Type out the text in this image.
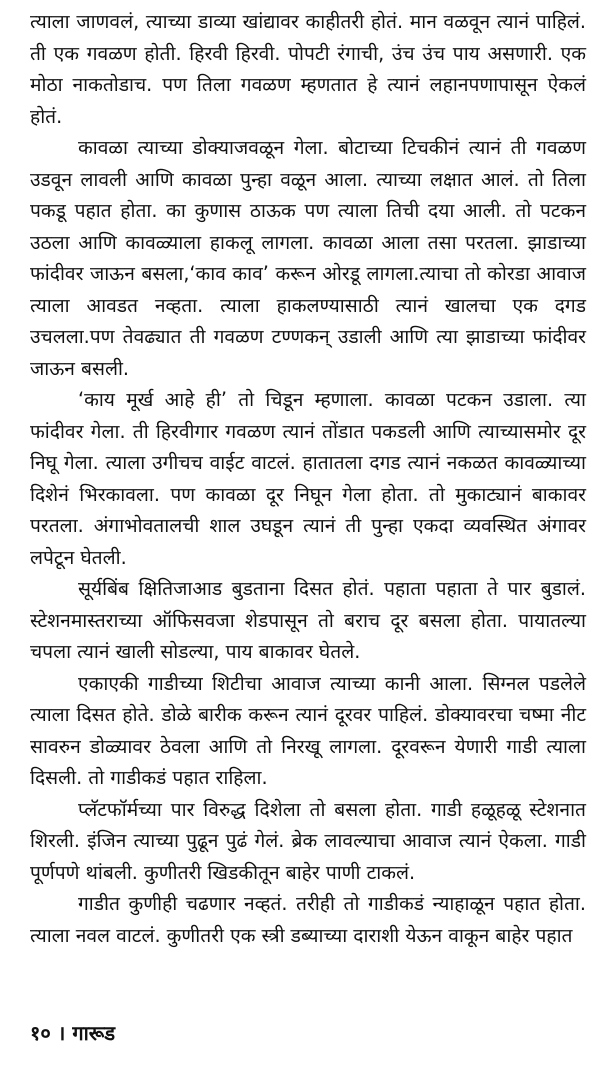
त्याला जाणवलं, त्याच्या डाव्या खांद्यावर काहीतरी होतं. मान वळवून त्यानं पाहिलं. ती एक गवळण होती. हिरवी हिरवी. पोपटी रंगाची, उंच उंच पाय असणारी. एक मोठा नाकतोडाच. पण तिला गवळण म्हणतात हे त्यानं लहानपणापासून ऐकलं होतं.

कावळा त्याच्या डोक्याजवळून गेला. बोटाच्या टिचकीनं त्यानं ती गवळण उडवून लावली आणि कावळा पुन्हा वळून आला. त्याच्या लक्षात आलं. तो तिला पकडू पहात होता. का कुणास ठाऊक पण त्याला तिची दया आली. तो पटकन उठला आणि कावळ्याला हाकलू लागला. कावळा आला तसा परतला. झाडाच्या फांदीवर जाऊन बसला,‘काव काव’ करून ओरडू लागला.त्याचा तो कोरडा आवाज त्याला आवडत नव्हता. त्याला हाकलण्यासाठी त्यानं खालचा एक दगड उचलला.पण तेवढ्यात ती गवळण टण्णकन् उडाली आणि त्या झाडाच्या फांदीवर जाऊन बसली.

‘काय मूर्ख आहे ही’ तो चिडून म्हणाला. कावळा पटकन उडाला. त्या फांदीवर गेला. ती हिरवीगार गवळण त्यानं तोंडात पकडली आणि त्याच्यासमोर दूर निघू गेला. त्याला उगीचच वाईट वाटलं. हातातला दगड त्यानं नकळत कावळ्याच्या दिशेनं भिरकावला. पण कावळा दूर निघून गेला होता. तो मुकाट्यानं बाकावर परतला. अंगाभोवतालची शाल उघडून त्यानं ती पुन्हा एकदा व्यवस्थित अंगावर लपेटून घेतली.

सूर्यबिंब क्षितिजाआड बुडताना दिसत होतं. पहाता पहाता ते पार बुडालं. स्टेशनमास्तराच्या ऑफिसवजा शेडपासून तो बराच दूर बसला होता. पायातल्या चपला त्यानं खाली सोडल्या, पाय बाकावर घेतले.

एकाएकी गाडीच्या शिटीचा आवाज त्याच्या कानी आला. सिग्नल पडलेले त्याला दिसत होते. डोळे बारीक करून त्यानं दूरवर पाहिलं. डोक्यावरचा चष्मा नीट सावरुन डोळ्यावर ठेवला आणि तो निरखू लागला. दूरवरून येणारी गाडी त्याला दिसली. तो गाडीकडं पहात राहिला.

प्लॅटफॉर्मच्या पार विरुद्ध दिशेला तो बसला होता. गाडी हळूहळू स्टेशनात शिरली. इंजिन त्याच्या पुढून पुढं गेलं. ब्रेक लावल्याचा आवाज त्यानं ऐकला. गाडी पूर्णपणे थांबली. कुणीतरी खिडकीतून बाहेर पाणी टाकलं.

गाडीत कुणीही चढणार नव्हतं. तरीही तो गाडीकडं न्याहाळून पहात होता. त्याला नवल वाटलं. कुणीतरी एक स्त्री डब्याच्या दाराशी येऊन वाकून बाहेर पहात

१० । गारूड
